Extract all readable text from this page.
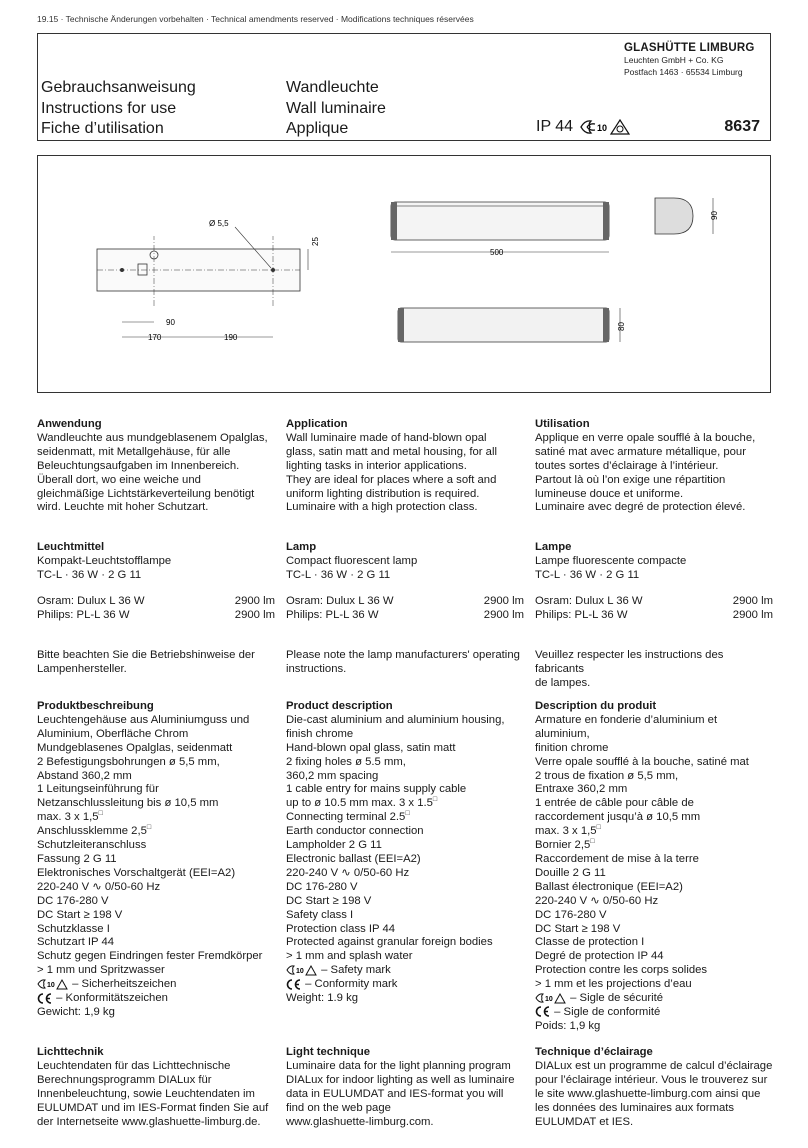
19.15 · Technische Änderungen vorbehalten · Technical amendments reserved · Modifications techniques réservées
GLASHÜTTE LIMBURG
Leuchten GmbH + Co. KG
Postfach 1463 · 65534 Limburg
Gebrauchsanweisung
Instructions for use
Fiche d’utilisation
Wandleuchte
Wall luminaire
Applique	IP 44	10	8637
Ø 5,5
25
90
170	190
500
90
80
Anwendung

Wandleuchte aus mundgeblasenem Opalglas,

seidenmatt, mit Metallgehäuse, für alle

Beleuchtungsaufgaben im Innenbereich.

Überall dort, wo eine weiche und

gleichmäßige Lichtstärkeverteilung benötigt

wird. Leuchte mit hoher Schutzart.

Leuchtmittel

Kompakt-Leuchtstofflampe

TC-L · 36 W · 2 G 11

Osram: Dulux L 36 W	2900 lm
Philips: PL-L 36 W	2900 lm

Bitte beachten Sie die Betriebshinweise der

Lampenhersteller.

Produktbeschreibung

Leuchtengehäuse aus Aluminiumguss und

Aluminium, Oberfläche Chrom

Mundgeblasenes Opalglas, seidenmatt

2 Befestigungsbohrungen ø 5,5 mm,

Abstand 360,2 mm

1 Leitungseinführung für

Netzanschlussleitung bis ø 10,5 mm

max. 3 x 1,5□

Anschlussklemme 2,5□

Schutzleiteranschluss

Fassung 2 G 11

Elektronisches Vorschaltgerät (EEI=A2)

220-240 V ∿ 0/50-60 Hz

DC 176-280 V

DC Start ≥ 198 V

Schutzklasse I

Schutzart IP 44

Schutz gegen Eindringen fester Fremdkörper

> 1 mm und Spritzwasser

10 – Sicherheitszeichen

– Konformitätszeichen

Gewicht: 1,9 kg

Lichttechnik

Leuchtendaten für das Lichttechnische

Berechnungsprogramm DIALux für

Innenbeleuchtung, sowie Leuchtendaten im

EULUMDAT und im IES-Format finden Sie auf

der Internetseite www.glashuette-limburg.de.

Application

Wall luminaire made of hand-blown opal

glass, satin matt and metal housing, for all

lighting tasks in interior applications.

They are ideal for places where a soft and

uniform lighting distribution is required.

Luminaire with a high protection class.

Lamp

Compact fluorescent lamp

TC-L · 36 W · 2 G 11

Osram: Dulux L 36 W	2900 lm
Philips: PL-L 36 W	2900 lm

Please note the lamp manufacturers' operating

instructions.

Product description

Die-cast aluminium and aluminium housing,

finish chrome

Hand-blown opal glass, satin matt

2 fixing holes ø 5.5 mm,

360,2 mm spacing

1 cable entry for mains supply cable

up to ø 10.5 mm max. 3 x 1.5□

Connecting terminal 2.5□

Earth conductor connection

Lampholder 2 G 11

Electronic ballast (EEI=A2)

220-240 V ∿ 0/50-60 Hz

DC 176-280 V

DC Start ≥ 198 V

Safety class I

Protection class IP 44

Protected against granular foreign bodies

> 1 mm and splash water

10 – Safety mark

– Conformity mark

Weight: 1.9 kg

Light technique

Luminaire data for the light planning program

DIALux for indoor lighting as well as luminaire

data in EULUMDAT and IES-format you will

find on the web page

www.glashuette-limburg.com.

Utilisation

Applique en verre opale soufflé à la bouche,

satiné mat avec armature métallique, pour

toutes sortes d’éclairage à l’intérieur.

Partout là où l’on exige une répartition

lumineuse douce et uniforme.

Luminaire avec degré de protection élevé.

Lampe

Lampe fluorescente compacte

TC-L · 36 W · 2 G 11

Osram: Dulux L 36 W	2900 lm
Philips: PL-L 36 W	2900 lm

Veuillez respecter les instructions des fabricants

de lampes.

Description du produit

Armature en fonderie d’aluminium et aluminium,

finition chrome

Verre opale soufflé à la bouche, satiné mat

2 trous de fixation ø 5,5 mm,

Entraxe 360,2 mm

1 entrée de câble pour câble de

raccordement jusqu’à ø 10,5 mm

max. 3 x 1,5□

Bornier 2,5□

Raccordement de mise à la terre

Douille 2 G 11

Ballast électronique (EEI=A2)

220-240 V ∿ 0/50-60 Hz

DC 176-280 V

DC Start ≥ 198 V

Classe de protection I

Degré de protection IP 44

Protection contre les corps solides

> 1 mm et les projections d’eau

10 – Sigle de sécurité

– Sigle de conformité

Poids: 1,9 kg

Technique d’éclairage

DIALux est un programme de calcul d’éclairage

pour l’éclairage intérieur. Vous le trouverez sur

le site www.glashuette-limburg.com ainsi que

les données des luminaires aux formats

EULUMDAT et IES.
